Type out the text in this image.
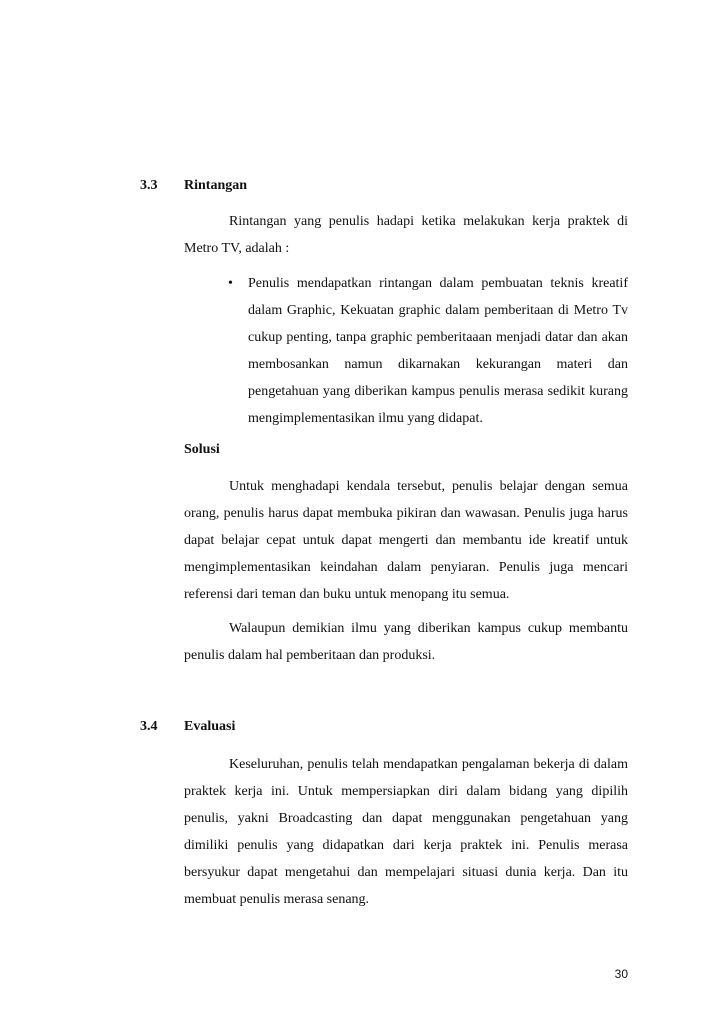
3.3 Rintangan

Rintangan yang penulis hadapi ketika melakukan kerja praktek di Metro TV, adalah :

•	Penulis mendapatkan rintangan dalam pembuatan teknis kreatif dalam Graphic, Kekuatan graphic dalam pemberitaan di Metro Tv cukup penting, tanpa graphic pemberitaaan menjadi datar dan akan membosankan namun dikarnakan kekurangan materi dan pengetahuan yang diberikan kampus penulis merasa sedikit kurang mengimplementasikan ilmu yang didapat.

Solusi

Untuk menghadapi kendala tersebut, penulis belajar dengan semua orang, penulis harus dapat membuka pikiran dan wawasan. Penulis juga harus dapat belajar cepat untuk dapat mengerti dan membantu ide kreatif untuk mengimplementasikan keindahan dalam penyiaran. Penulis juga mencari referensi dari teman dan buku untuk menopang itu semua.

Walaupun demikian ilmu yang diberikan kampus cukup membantu penulis dalam hal pemberitaan dan produksi.

3.4 Evaluasi

Keseluruhan, penulis telah mendapatkan pengalaman bekerja di dalam praktek kerja ini. Untuk mempersiapkan diri dalam bidang yang dipilih penulis, yakni Broadcasting dan dapat menggunakan pengetahuan yang dimiliki penulis yang didapatkan dari kerja praktek ini. Penulis merasa bersyukur dapat mengetahui dan mempelajari situasi dunia kerja. Dan itu membuat penulis merasa senang.

30
